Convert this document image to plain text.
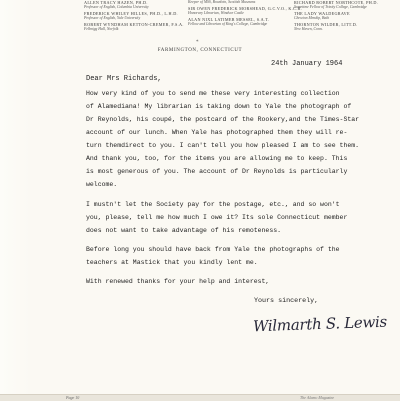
ALLEN TRACY HAZEN, PH.D.
Professor of English, Columbia University
FREDERICK WHILEY HILLES, PH.D., L.H.D.
Professor of English, Yale University
ROBERT WYNDHAM KETTON-CREMER, F.S.A.
Felbrigg Hall, Norfolk
Keeper of MSS, Bowdoin, Scottish Museums
SIR OWEN FREDERICK MORSHEAD, G.C.V.O., K.C.B.
Honorary Librarian, Windsor Castle
ALAN NIXL LATIMER MESSEL, S.A.T.
Fellow and Librarian of King's College, Cambridge
RICHARD ROBERT NORTHCOTE, PH.D.
Sometime Fellow of Trinity College, Cambridge
THE LADY WALDEGRAVE
Chewton Mendip, Bath
THORNTON WILDER, LITT.D.
New Haven, Conn.
*
FARMINGTON, CONNECTICUT
24th January 1964
Dear Mrs Richards,
How very kind of you to send me these very interesting collection
of Alamediana! My librarian is taking down to Yale the photograph of
Dr Reynolds, his coupé, the postcard of the Rookery,and the Times-Star
account of our lunch. When Yale has photographed them they will re-
turn themdirect to you. I can't tell you how pleased I am to see them.
And thank you, too, for the items you are allowing me to keep. This
is most generous of you. The account of Dr Reynolds is particularly
welcome.
I mustn't let the Society pay for the postage, etc., and so won't
you, please, tell me how much I owe it? Its sole Connecticut member
does not want to take advantage of his remoteness.
Before long you should have back from Yale the photographs of the
teachers at Mastick that you kindly lent me.
With renewed thanks for your help and interest,
Yours sincerely,
Wilmarth S. Lewis
Page 10	The Alamo Magazine
